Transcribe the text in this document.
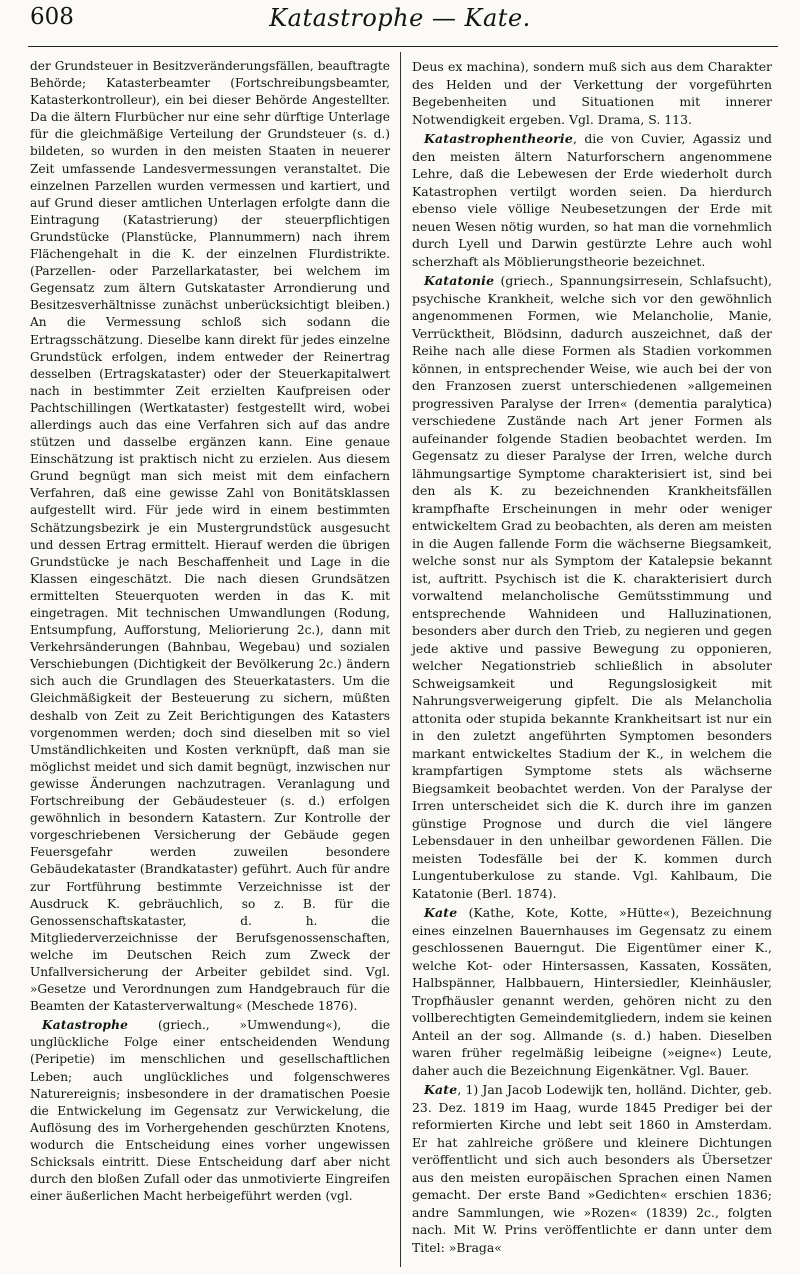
608	Katastrophe — Kate.

der Grundsteuer in Besitzveränderungsfällen, beauftragte Behörde; Katasterbeamter (Fortschreibungsbeamter, Katasterkontrolleur), ein bei dieser Behörde Angestellter. Da die ältern Flurbücher nur eine sehr dürftige Unterlage für die gleichmäßige Verteilung der Grundsteuer (s. d.) bildeten, so wurden in den meisten Staaten in neuerer Zeit umfassende Landesvermessungen veranstaltet. Die einzelnen Parzellen wurden vermessen und kartiert, und auf Grund dieser amtlichen Unterlagen erfolgte dann die Eintragung (Katastrierung) der steuerpflichtigen Grundstücke (Planstücke, Plannummern) nach ihrem Flächengehalt in die K. der einzelnen Flurdistrikte. (Parzellen- oder Parzellarkataster, bei welchem im Gegensatz zum ältern Gutskataster Arrondierung und Besitzesverhältnisse zunächst unberücksichtigt bleiben.) An die Vermessung schloß sich sodann die Ertragsschätzung. Dieselbe kann direkt für jedes einzelne Grundstück erfolgen, indem entweder der Reinertrag desselben (Ertragskataster) oder der Steuerkapitalwert nach in bestimmter Zeit erzielten Kaufpreisen oder Pachtschillingen (Wertkataster) festgestellt wird, wobei allerdings auch das eine Verfahren sich auf das andre stützen und dasselbe ergänzen kann. Eine genaue Einschätzung ist praktisch nicht zu erzielen. Aus diesem Grund begnügt man sich meist mit dem einfachern Verfahren, daß eine gewisse Zahl von Bonitätsklassen aufgestellt wird. Für jede wird in einem bestimmten Schätzungsbezirk je ein Mustergrundstück ausgesucht und dessen Ertrag ermittelt. Hierauf werden die übrigen Grundstücke je nach Beschaffenheit und Lage in die Klassen eingeschätzt. Die nach diesen Grundsätzen ermittelten Steuerquoten werden in das K. mit eingetragen. Mit technischen Umwandlungen (Rodung, Entsumpfung, Aufforstung, Meliorierung 2c.), dann mit Verkehrsänderungen (Bahnbau, Wegebau) und sozialen Verschiebungen (Dichtigkeit der Bevölkerung 2c.) ändern sich auch die Grundlagen des Steuerkatasters. Um die Gleichmäßigkeit der Besteuerung zu sichern, müßten deshalb von Zeit zu Zeit Berichtigungen des Katasters vorgenommen werden; doch sind dieselben mit so viel Umständlichkeiten und Kosten verknüpft, daß man sie möglichst meidet und sich damit begnügt, inzwischen nur gewisse Änderungen nachzutragen. Veranlagung und Fortschreibung der Gebäudesteuer (s. d.) erfolgen gewöhnlich in besondern Katastern. Zur Kontrolle der vorgeschriebenen Versicherung der Gebäude gegen Feuersgefahr werden zuweilen besondere Gebäudekataster (Brandkataster) geführt. Auch für andre zur Fortführung bestimmte Verzeichnisse ist der Ausdruck K. gebräuchlich, so z. B. für die Genossenschaftskataster, d. h. die Mitgliederverzeichnisse der Berufsgenossenschaften, welche im Deutschen Reich zum Zweck der Unfallversicherung der Arbeiter gebildet sind. Vgl. »Gesetze und Verordnungen zum Handgebrauch für die Beamten der Katasterverwaltung« (Meschede 1876).

Katastrophe (griech., »Umwendung«), die unglückliche Folge einer entscheidenden Wendung (Peripetie) im menschlichen und gesellschaftlichen Leben; auch unglückliches und folgenschweres Naturereignis; insbesondere in der dramatischen Poesie die Entwickelung im Gegensatz zur Verwickelung, die Auflösung des im Vorhergehenden geschürzten Knotens, wodurch die Entscheidung eines vorher ungewissen Schicksals eintritt. Diese Entscheidung darf aber nicht durch den bloßen Zufall oder das unmotivierte Eingreifen einer äußerlichen Macht herbeigeführt werden (vgl.

Deus ex machina), sondern muß sich aus dem Charakter des Helden und der Verkettung der vorgeführten Begebenheiten und Situationen mit innerer Notwendigkeit ergeben. Vgl. Drama, S. 113.

Katastrophentheorie, die von Cuvier, Agassiz und den meisten ältern Naturforschern angenommene Lehre, daß die Lebewesen der Erde wiederholt durch Katastrophen vertilgt worden seien. Da hierdurch ebenso viele völlige Neubesetzungen der Erde mit neuen Wesen nötig wurden, so hat man die vornehmlich durch Lyell und Darwin gestürzte Lehre auch wohl scherzhaft als Möblierungstheorie bezeichnet.

Katatonie (griech., Spannungsirresein, Schlafsucht), psychische Krankheit, welche sich vor den gewöhnlich angenommenen Formen, wie Melancholie, Manie, Verrücktheit, Blödsinn, dadurch auszeichnet, daß der Reihe nach alle diese Formen als Stadien vorkommen können, in entsprechender Weise, wie auch bei der von den Franzosen zuerst unterschiedenen »allgemeinen progressiven Paralyse der Irren« (dementia paralytica) verschiedene Zustände nach Art jener Formen als aufeinander folgende Stadien beobachtet werden. Im Gegensatz zu dieser Paralyse der Irren, welche durch lähmungsartige Symptome charakterisiert ist, sind bei den als K. zu bezeichnenden Krankheitsfällen krampfhafte Erscheinungen in mehr oder weniger entwickeltem Grad zu beobachten, als deren am meisten in die Augen fallende Form die wächserne Biegsamkeit, welche sonst nur als Symptom der Katalepsie bekannt ist, auftritt. Psychisch ist die K. charakterisiert durch vorwaltend melancholische Gemütsstimmung und entsprechende Wahnideen und Halluzinationen, besonders aber durch den Trieb, zu negieren und gegen jede aktive und passive Bewegung zu opponieren, welcher Negationstrieb schließlich in absoluter Schweigsamkeit und Regungslosigkeit mit Nahrungsverweigerung gipfelt. Die als Melancholia attonita oder stupida bekannte Krankheitsart ist nur ein in den zuletzt angeführten Symptomen besonders markant entwickeltes Stadium der K., in welchem die krampfartigen Symptome stets als wächserne Biegsamkeit beobachtet werden. Von der Paralyse der Irren unterscheidet sich die K. durch ihre im ganzen günstige Prognose und durch die viel längere Lebensdauer in den unheilbar gewordenen Fällen. Die meisten Todesfälle bei der K. kommen durch Lungentuberkulose zu stande. Vgl. Kahlbaum, Die Katatonie (Berl. 1874).

Kate (Kathe, Kote, Kotte, »Hütte«), Bezeichnung eines einzelnen Bauernhauses im Gegensatz zu einem geschlossenen Bauerngut. Die Eigentümer einer K., welche Kot- oder Hintersassen, Kassaten, Kossäten, Halbspänner, Halbbauern, Hintersiedler, Kleinhäusler, Tropfhäusler genannt werden, gehören nicht zu den vollberechtigten Gemeindemitgliedern, indem sie keinen Anteil an der sog. Allmande (s. d.) haben. Dieselben waren früher regelmäßig leibeigne (»eigne«) Leute, daher auch die Bezeichnung Eigenkätner. Vgl. Bauer.

Kate, 1) Jan Jacob Lodewijk ten, holländ. Dichter, geb. 23. Dez. 1819 im Haag, wurde 1845 Prediger bei der reformierten Kirche und lebt seit 1860 in Amsterdam. Er hat zahlreiche größere und kleinere Dichtungen veröffentlicht und sich auch besonders als Übersetzer aus den meisten europäischen Sprachen einen Namen gemacht. Der erste Band »Gedichten« erschien 1836; andre Sammlungen, wie »Rozen« (1839) 2c., folgten nach. Mit W. Prins veröffentlichte er dann unter dem Titel: »Braga«
